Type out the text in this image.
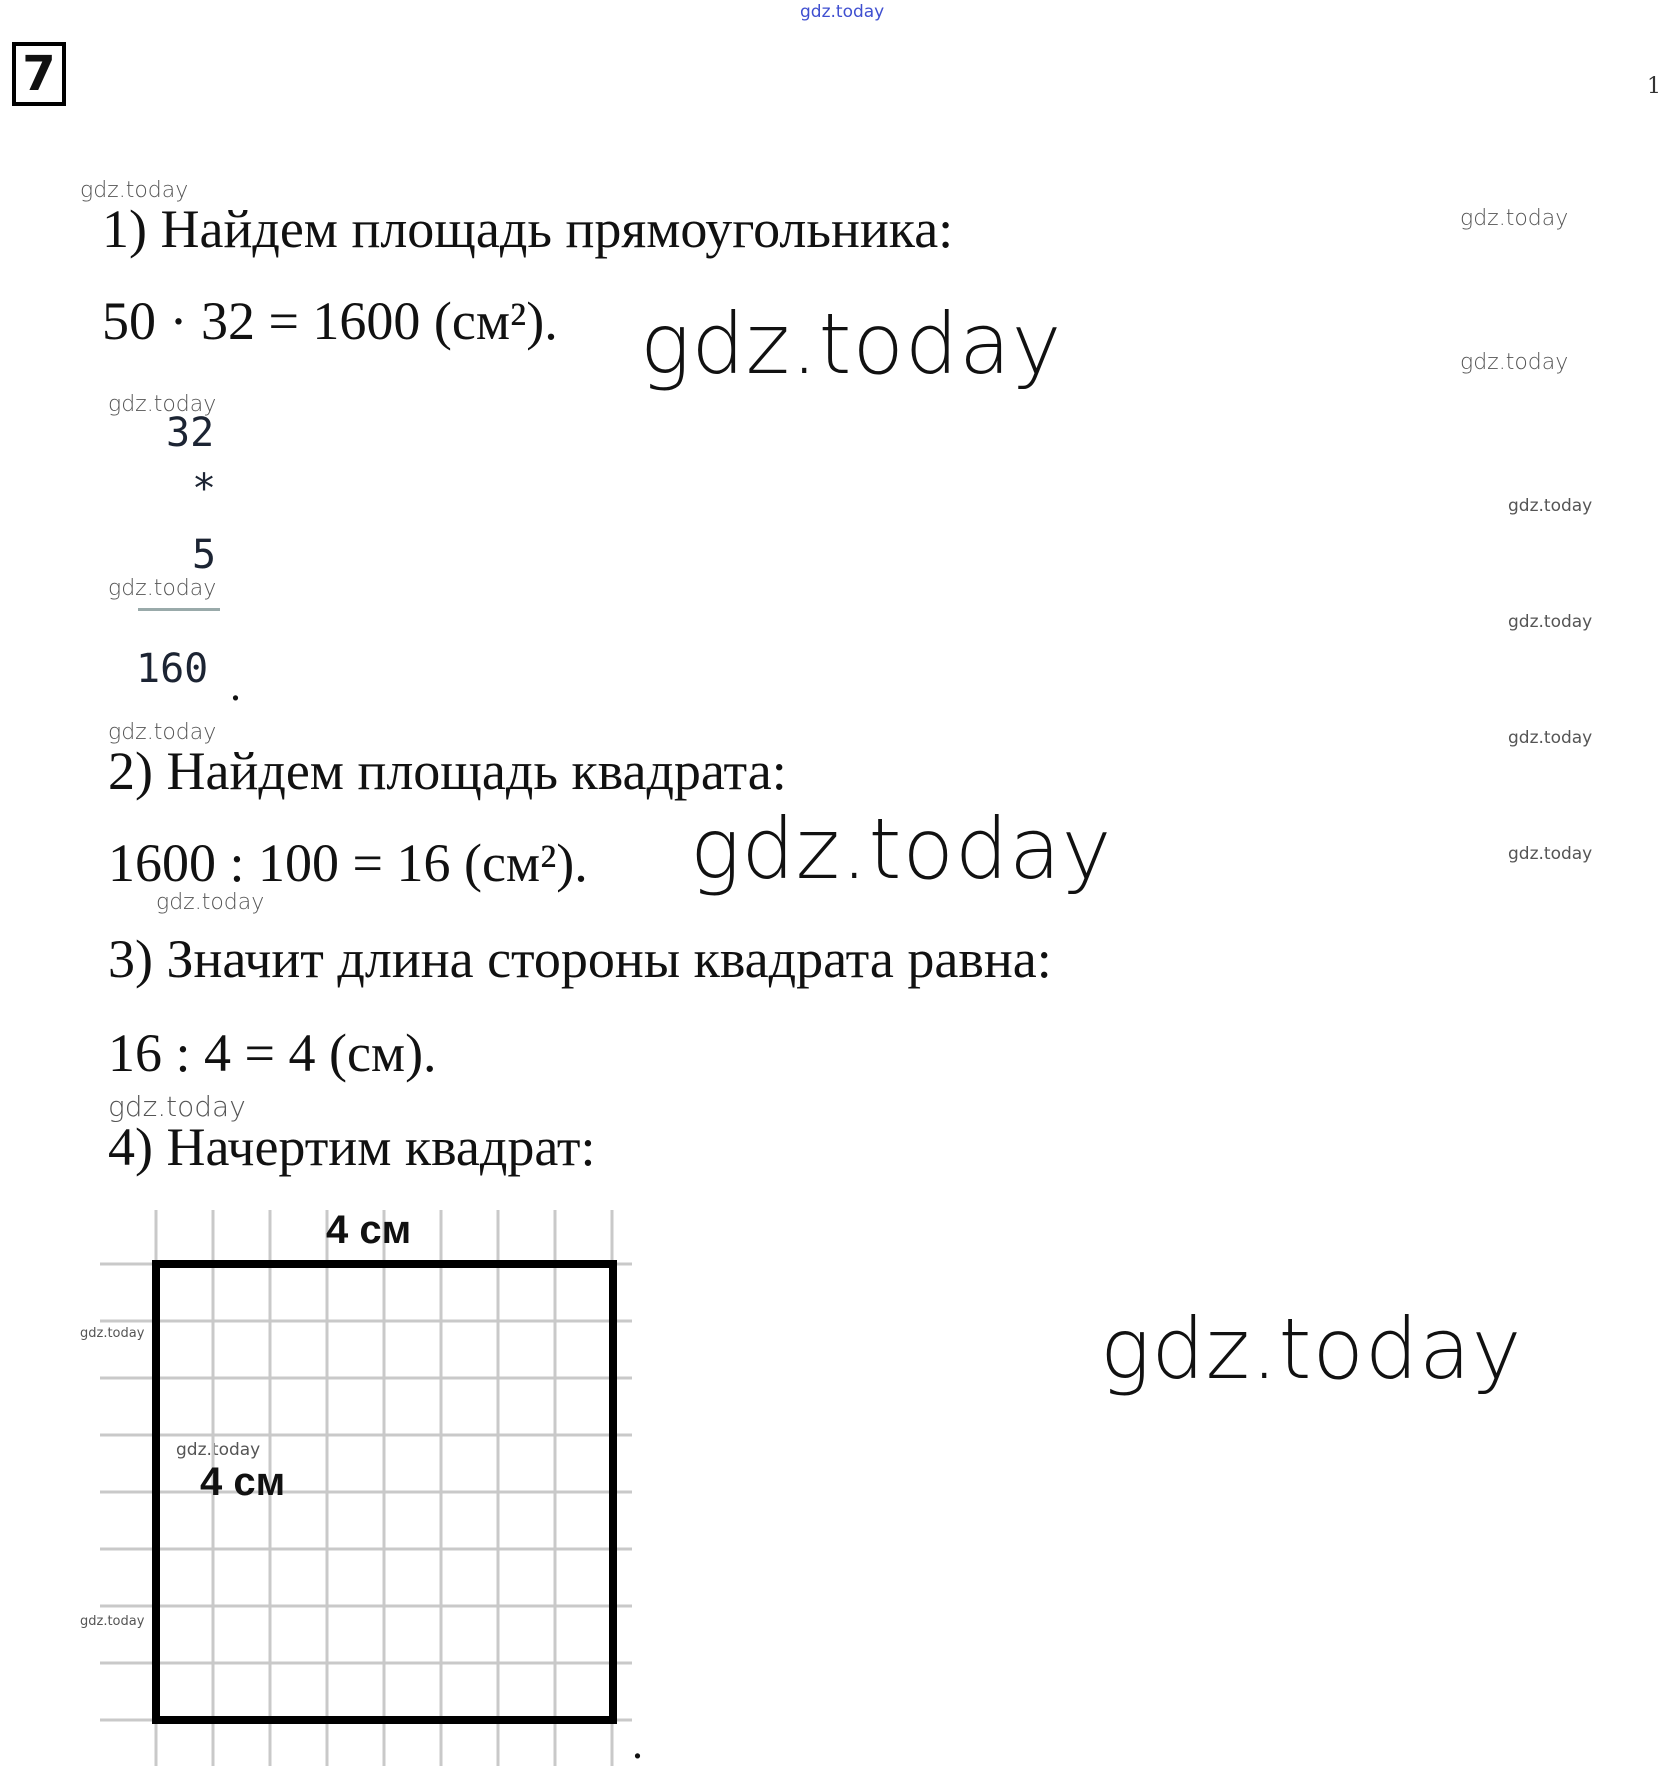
gdz.today
7	1
gdz.today
gdz.today
gdz.today
gdz.today
gdz.today
gdz.today
gdz.today
gdz.today	gdz.today
gdz.today
gdz.today
gdz.today
gdz.today
gdz.today
gdz.today
gdz.today
gdz.today
gdz.today
1) Найдем площадь прямоугольника:
50 · 32 = 1600 (см²).
32
*
5
160 .
2) Найдем площадь квадрата:
1600 : 100 = 16 (см²).
3) Значит длина стороны квадрата равна:
16 : 4 = 4 (см).
4) Начертим квадрат:
4 см
4 см
.
